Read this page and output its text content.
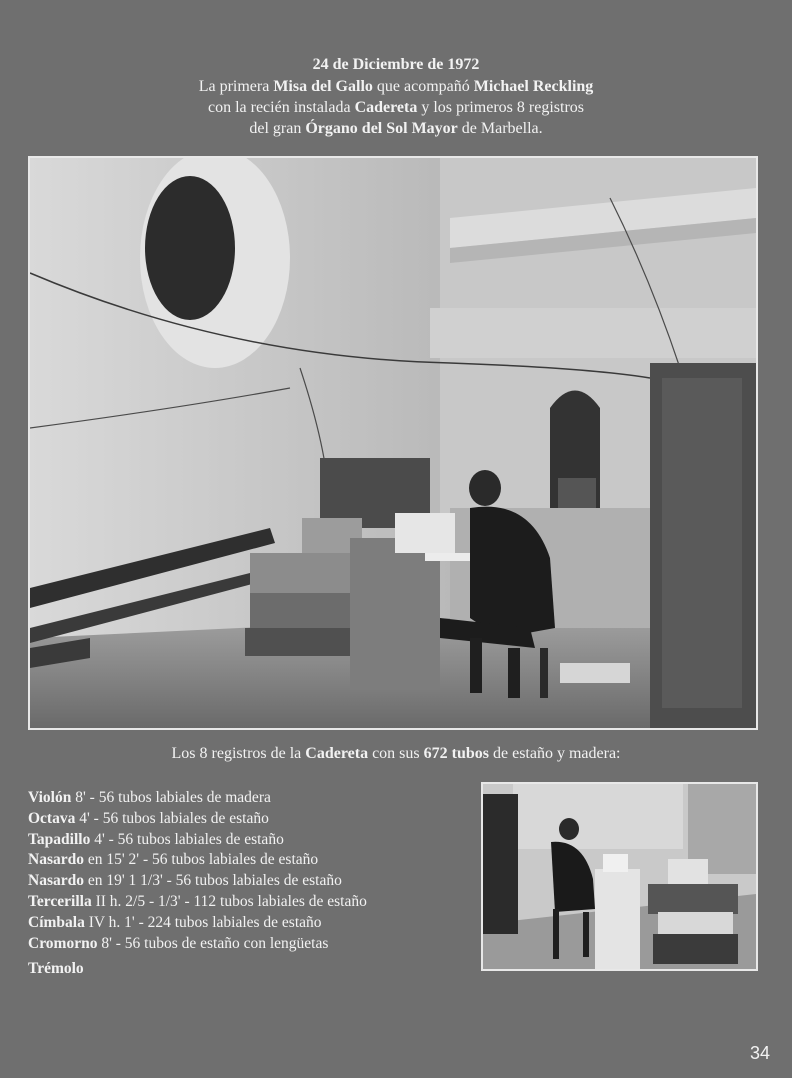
24 de Diciembre de 1972
La primera Misa del Gallo que acompañó Michael Reckling
con la recién instalada Cadereta y los primeros 8 registros
del gran Órgano del Sol Mayor de Marbella.
Los 8 registros de la Cadereta con sus 672 tubos de estaño y madera:
Violón 8' - 56 tubos labiales de madera
Octava 4' - 56 tubos labiales de estaño
Tapadillo 4' - 56 tubos labiales de estaño
Nasardo en 15' 2' - 56 tubos labiales de estaño
Nasardo en 19' 1 1/3' - 56 tubos labiales de estaño
Tercerilla II h. 2/5 - 1/3' - 112 tubos labiales de estaño
Címbala IV h. 1' - 224 tubos labiales de estaño
Cromorno 8' - 56 tubos de estaño con lengüetas
Trémolo
34
